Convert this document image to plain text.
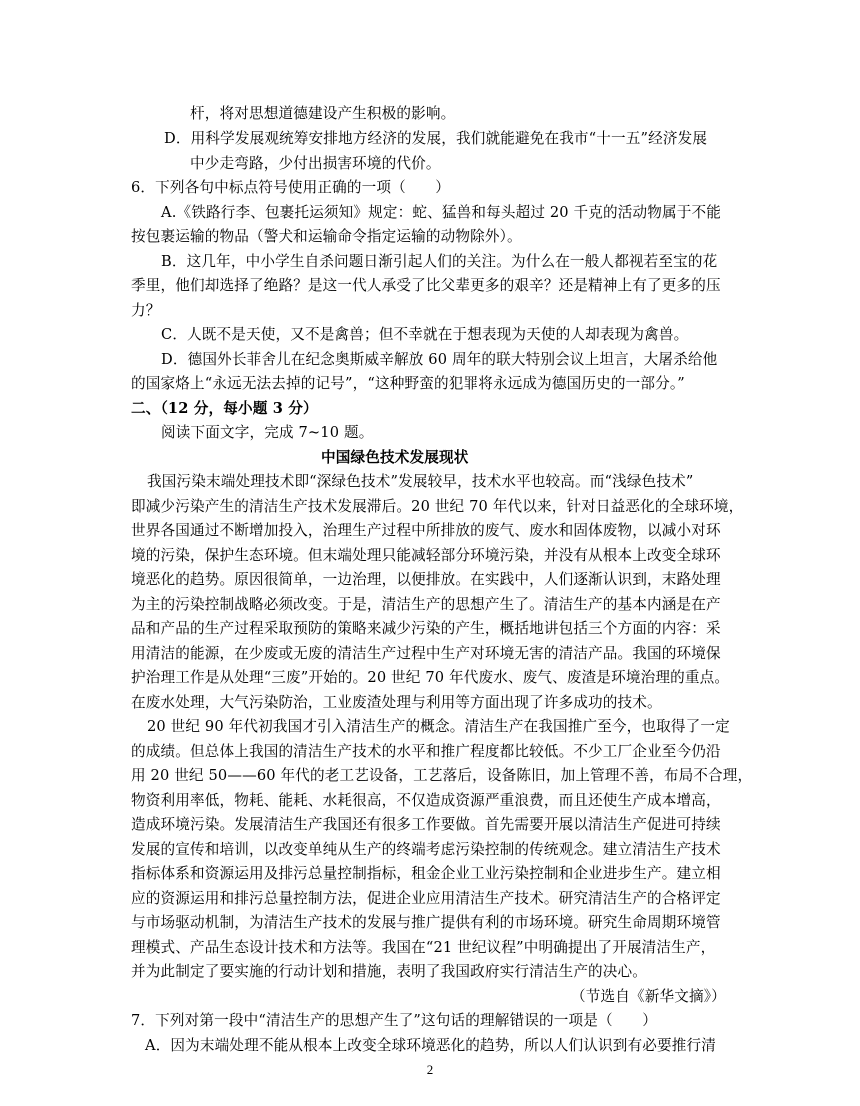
杆，将对思想道德建设产生积极的影响。
D．用科学发展观统筹安排地方经济的发展，我们就能避免在我市“十一五”经济发展
中少走弯路，少付出损害环境的代价。
6．下列各句中标点符号使用正确的一项（　　）
A.《铁路行李、包裹托运须知》规定：蛇、猛兽和每头超过 20 千克的活动物属于不能
按包裹运输的物品（警犬和运输命令指定运输的动物除外）。
B．这几年，中小学生自杀问题日渐引起人们的关注。为什么在一般人都视若至宝的花
季里，他们却选择了绝路？是这一代人承受了比父辈更多的艰辛？还是精神上有了更多的压
力？
C．人既不是天使，又不是禽兽；但不幸就在于想表现为天使的人却表现为禽兽。
D．德国外长菲舍儿在纪念奥斯威辛解放 60 周年的联大特别会议上坦言，大屠杀给他
的国家烙上“永远无法去掉的记号”，“这种野蛮的犯罪将永远成为德国历史的一部分。”
二、（12 分，每小题 3 分）
阅读下面文字，完成 7~10 题。
中国绿色技术发展现状
我国污染末端处理技术即“深绿色技术”发展较早，技术水平也较高。而“浅绿色技术”
即减少污染产生的清洁生产技术发展滞后。20 世纪 70 年代以来，针对日益恶化的全球环境，
世界各国通过不断增加投入，治理生产过程中所排放的废气、废水和固体废物，以减小对环
境的污染，保护生态环境。但末端处理只能减轻部分环境污染，并没有从根本上改变全球环
境恶化的趋势。原因很简单，一边治理，以便排放。在实践中，人们逐渐认识到，末路处理
为主的污染控制战略必须改变。于是，清洁生产的思想产生了。清洁生产的基本内涵是在产
品和产品的生产过程采取预防的策略来减少污染的产生，概括地讲包括三个方面的内容：采
用清洁的能源，在少废或无废的清洁生产过程中生产对环境无害的清洁产品。我国的环境保
护治理工作是从处理“三废”开始的。20 世纪 70 年代废水、废气、废渣是环境治理的重点。
在废水处理，大气污染防治，工业废渣处理与利用等方面出现了许多成功的技术。
20 世纪 90 年代初我国才引入清洁生产的概念。清洁生产在我国推广至今，也取得了一定
的成绩。但总体上我国的清洁生产技术的水平和推广程度都比较低。不少工厂企业至今仍沿
用 20 世纪 50——60 年代的老工艺设备，工艺落后，设备陈旧，加上管理不善，布局不合理，
物资利用率低，物耗、能耗、水耗很高，不仅造成资源严重浪费，而且还使生产成本增高，
造成环境污染。发展清洁生产我国还有很多工作要做。首先需要开展以清洁生产促进可持续
发展的宣传和培训，以改变单纯从生产的终端考虑污染控制的传统观念。建立清洁生产技术
指标体系和资源运用及排污总量控制指标，租金企业工业污染控制和企业进步生产。建立相
应的资源运用和排污总量控制方法，促进企业应用清洁生产技术。研究清洁生产的合格评定
与市场驱动机制，为清洁生产技术的发展与推广提供有利的市场环境。研究生命周期环境管
理模式、产品生态设计技术和方法等。我国在“21 世纪议程”中明确提出了开展清洁生产，
并为此制定了要实施的行动计划和措施，表明了我国政府实行清洁生产的决心。
（节选自《新华文摘》）
7．下列对第一段中“清洁生产的思想产生了”这句话的理解错误的一项是（　　）
A．因为末端处理不能从根本上改变全球环境恶化的趋势，所以人们认识到有必要推行清
2
